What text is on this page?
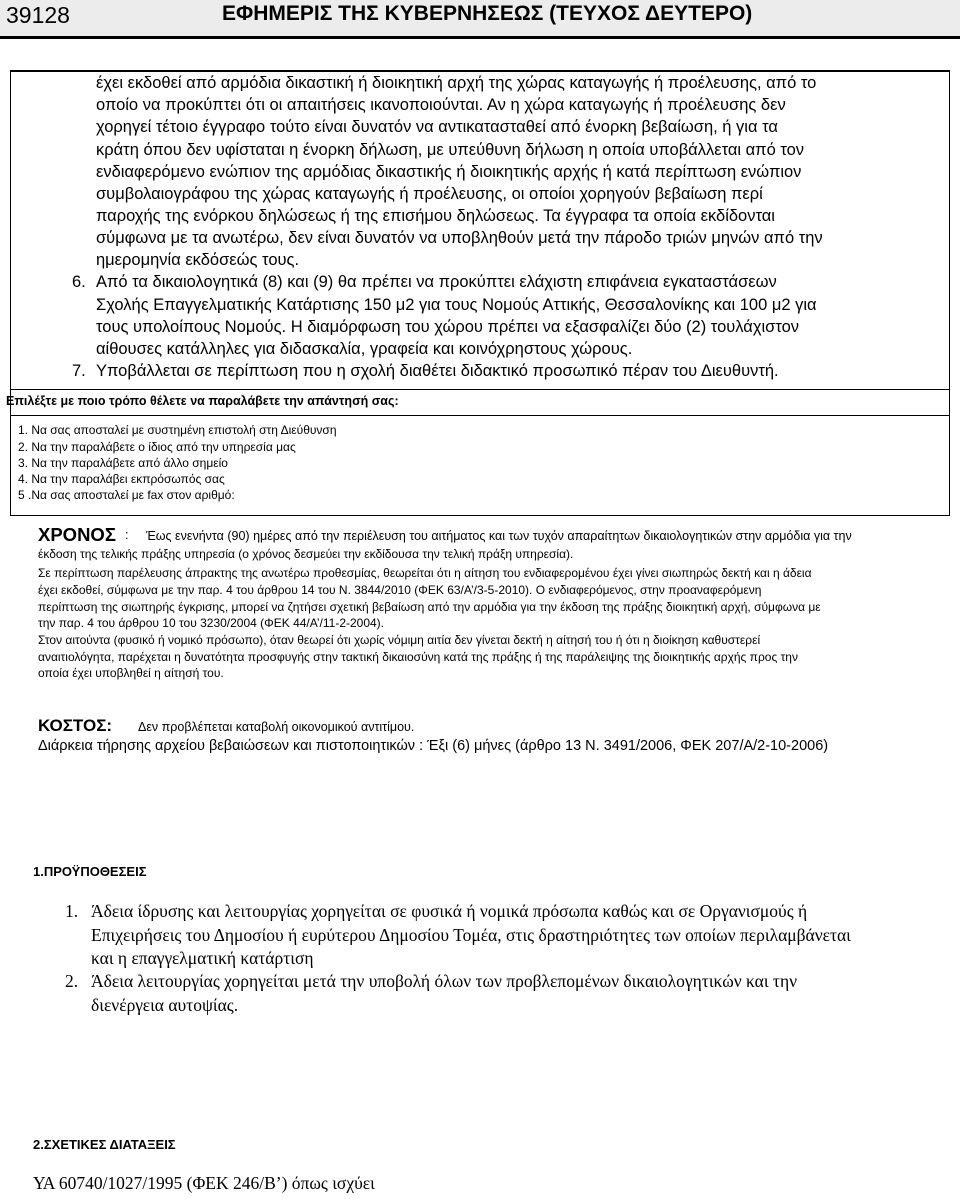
39128	ΕΦΗΜΕΡΙΣ ΤΗΣ ΚΥΒΕΡΝΗΣΕΩΣ (ΤΕΥΧΟΣ ΔΕΥΤΕΡΟ)
έχει εκδοθεί από αρμόδια δικαστική ή διοικητική αρχή της χώρας καταγωγής ή προέλευσης, από το
οποίο να προκύπτει ότι οι απαιτήσεις ικανοποιούνται. Αν η χώρα καταγωγής ή προέλευσης δεν
χορηγεί τέτοιο έγγραφο τούτο είναι δυνατόν να αντικατασταθεί από ένορκη βεβαίωση, ή για τα
κράτη όπου δεν υφίσταται η ένορκη δήλωση, με υπεύθυνη δήλωση η οποία υποβάλλεται από τον
ενδιαφερόμενο ενώπιον της αρμόδιας δικαστικής ή διοικητικής αρχής ή κατά περίπτωση ενώπιον
συμβολαιογράφου της χώρας καταγωγής ή προέλευσης, οι οποίοι χορηγούν βεβαίωση περί
παροχής της ενόρκου δηλώσεως ή της επισήμου δηλώσεως. Τα έγγραφα τα οποία εκδίδονται
σύμφωνα με τα ανωτέρω, δεν είναι δυνατόν να υποβληθούν μετά την πάροδο τριών μηνών από την
ημερομηνία εκδόσεώς τους.
6. Από τα δικαιολογητικά (8) και (9) θα πρέπει να προκύπτει ελάχιστη επιφάνεια εγκαταστάσεων
Σχολής Επαγγελματικής Κατάρτισης 150 μ2 για τους Νομούς Αττικής, Θεσσαλονίκης και 100 μ2 για
τους υπολοίπους Νομούς. Η διαμόρφωση του χώρου πρέπει να εξασφαλίζει δύο (2) τουλάχιστον
αίθουσες κατάλληλες για διδασκαλία, γραφεία και κοινόχρηστους χώρους.
7. Υποβάλλεται σε περίπτωση που η σχολή διαθέτει διδακτικό προσωπικό πέραν του Διευθυντή.
Επιλέξτε με ποιο τρόπο θέλετε να παραλάβετε την απάντησή σας:
1. Να σας αποσταλεί με συστημένη επιστολή στη Διεύθυνση
2. Να την παραλάβετε ο ίδιος από την υπηρεσία μας
3. Να την παραλάβετε από άλλο σημείο
4. Να την παραλάβει εκπρόσωπός σας
5 .Να σας αποσταλεί με fax στον αριθμό:
ΧΡΟΝΟΣ : Έως ενενήντα (90) ημέρες από την περιέλευση του αιτήματος και των τυχόν απαραίτητων δικαιολογητικών στην αρμόδια για την
έκδοση της τελικής πράξης υπηρεσία (ο χρόνος δεσμεύει την εκδίδουσα την τελική πράξη υπηρεσία).
Σε περίπτωση παρέλευσης άπρακτης της ανωτέρω προθεσμίας, θεωρείται ότι η αίτηση του ενδιαφερομένου έχει γίνει σιωπηρώς δεκτή και η άδεια
έχει εκδοθεί, σύμφωνα με την παρ. 4 του άρθρου 14 του Ν. 3844/2010 (ΦΕΚ 63/Α’/3-5-2010). Ο ενδιαφερόμενος, στην προαναφερόμενη
περίπτωση της σιωπηρής έγκρισης, μπορεί να ζητήσει σχετική βεβαίωση από την αρμόδια για την έκδοση της πράξης διοικητική αρχή, σύμφωνα με
την παρ. 4 του άρθρου 10 του 3230/2004 (ΦΕΚ 44/Α’/11-2-2004).
Στον αιτούντα (φυσικό ή νομικό πρόσωπο), όταν θεωρεί ότι χωρίς νόμιμη αιτία δεν γίνεται δεκτή η αίτησή του ή ότι η διοίκηση καθυστερεί
αναιτιολόγητα, παρέχεται η δυνατότητα προσφυγής στην τακτική δικαιοσύνη κατά της πράξης ή της παράλειψης της διοικητικής αρχής προς την
οποία έχει υποβληθεί η αίτησή του.
ΚΟΣΤΟΣ: Δεν προβλέπεται καταβολή οικονομικού αντιτίμου.
Διάρκεια τήρησης αρχείου βεβαιώσεων και πιστοποιητικών : Έξι (6) μήνες (άρθρο 13 Ν. 3491/2006, ΦΕΚ 207/Α/2-10-2006)
1.ΠΡΟΫΠΟΘΕΣΕΙΣ
1. Άδεια ίδρυσης και λειτουργίας χορηγείται σε φυσικά ή νομικά πρόσωπα καθώς και σε Οργανισμούς ή
Επιχειρήσεις του Δημοσίου ή ευρύτερου Δημοσίου Τομέα, στις δραστηριότητες των οποίων περιλαμβάνεται
και η επαγγελματική κατάρτιση
2. Άδεια λειτουργίας χορηγείται μετά την υποβολή όλων των προβλεπομένων δικαιολογητικών και την
διενέργεια αυτοψίας.
2.ΣΧΕΤΙΚΕΣ ΔΙΑΤΑΞΕΙΣ
ΥΑ 60740/1027/1995 (ΦΕΚ 246/Β’) όπως ισχύει
